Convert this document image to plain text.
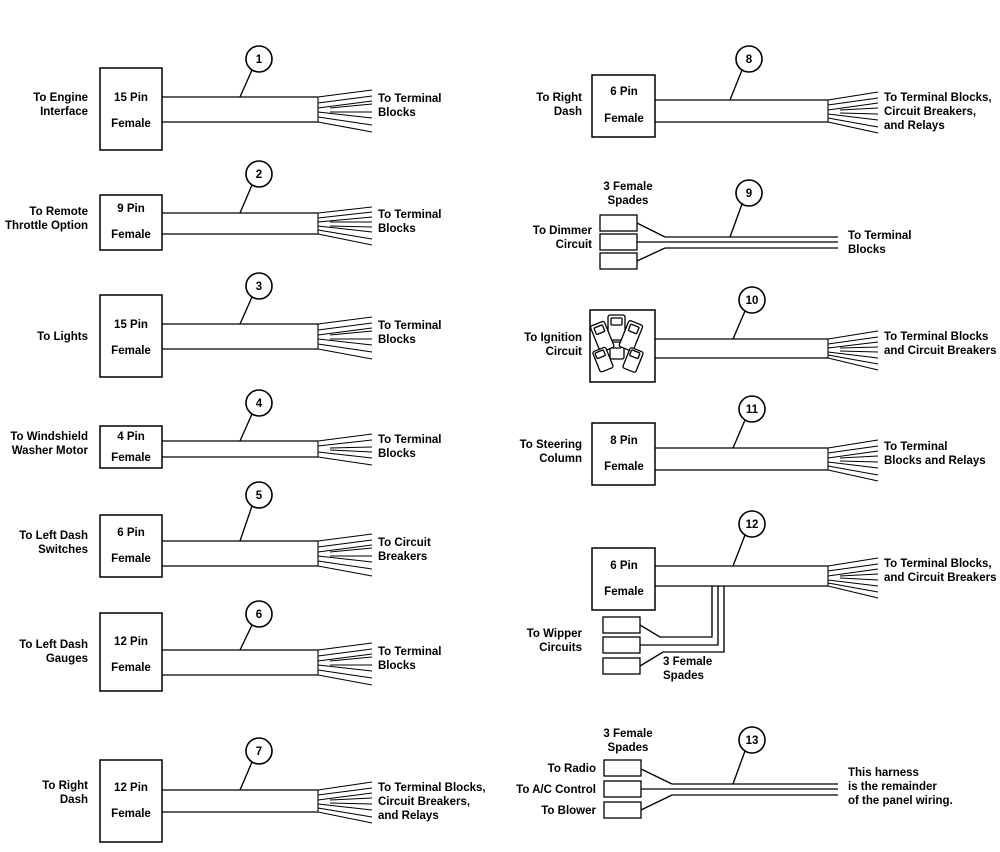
To Engine
Interface
15 Pin
Female
To Terminal
Blocks
1
To Remote
Throttle Option
9 Pin
Female
To Terminal
Blocks
2
To Lights
15 Pin
Female
To Terminal
Blocks
3
To Windshield
Washer Motor
4 Pin
Female
To Terminal
Blocks
4
To Left Dash
Switches
6 Pin
Female
To Circuit
Breakers
5
To Left Dash
Gauges
12 Pin
Female
To Terminal
Blocks
6
To Right
Dash
12 Pin
Female
To Terminal Blocks,
Circuit Breakers,
and Relays
7
To Right
Dash
6 Pin
Female
To Terminal Blocks,
Circuit Breakers,
and Relays
8
3 Female
Spades
To Dimmer
Circuit
To Terminal
Blocks
9
To Ignition
Circuit
To Terminal Blocks
and Circuit Breakers
10
To Steering
Column
8 Pin
Female
To Terminal
Blocks and Relays
11
To Wipper
Circuits
6 Pin
Female
To Terminal Blocks,
and Circuit Breakers
3 Female
Spades
12
3 Female
Spades
To Radio
To A/C Control
To Blower
This harness
is the remainder
of the panel wiring.
13
